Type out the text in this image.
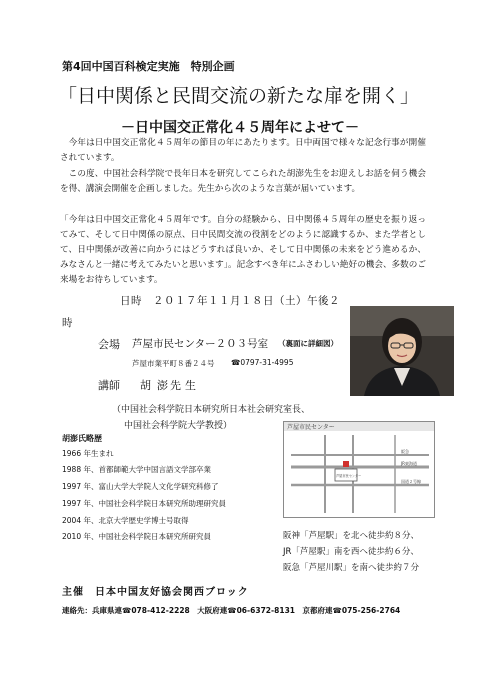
第4回中国百科検定実施　特別企画
「日中関係と民間交流の新たな扉を開く」
－日中国交正常化４５周年によせて－
今年は日中国交正常化４５周年の節目の年にあたります。日中両国で様々な記念行事が開催されています。
この度、中国社会科学院で長年日本を研究してこられた胡澎先生をお迎えしお話を伺う機会を得、講演会開催を企画しました。先生から次のような言葉が届いています。
「今年は日中国交正常化４５周年です。自分の経験から、日中関係４５周年の歴史を振り返ってみて、そして日中関係の原点、日中民間交流の役割をどのように認識するか、また学者として、日中関係が改善に向かうにはどうすれば良いか、そして日中関係の未来をどう進めるか、みなさんと一緒に考えてみたいと思います」。記念すべき年にふさわしい絶好の機会、多数のご来場をお待ちしています。
日時　２０１７年１１月１８日（土）午後２
時
会場 芦屋市民センター２０３号室 （裏面に詳細図）
芦屋市業平町８番２４号 ☎0797-31-4995
講師 胡澎
先生
（中国社会科学院日本研究所日本社会研究室長、
中国社会科学院大学教授）
胡澎氏略歴
1966 年生まれ
1988 年、首都師範大学中国言語文学部卒業
1997 年、富山大学大学院人文化学研究科修了
1997 年、中国社会科学院日本研究所助理研究員
2004 年、北京大学歴史学博士号取得
2010 年、中国社会科学院日本研究所研究員
芦屋市民センター
芦屋市民センター
JR東海道
阪急
国道２号線
阪神「芦屋駅」を北へ徒歩約８分、
JR「芦屋駅」南を西へ徒歩約６分、
阪急「芦屋川駅」を南へ徒歩約７分
主催　日本中国友好協会関西ブロック
連絡先：兵庫県連☎078-412-2228　大阪府連☎06-6372-8131　京都府連☎075-256-2764
